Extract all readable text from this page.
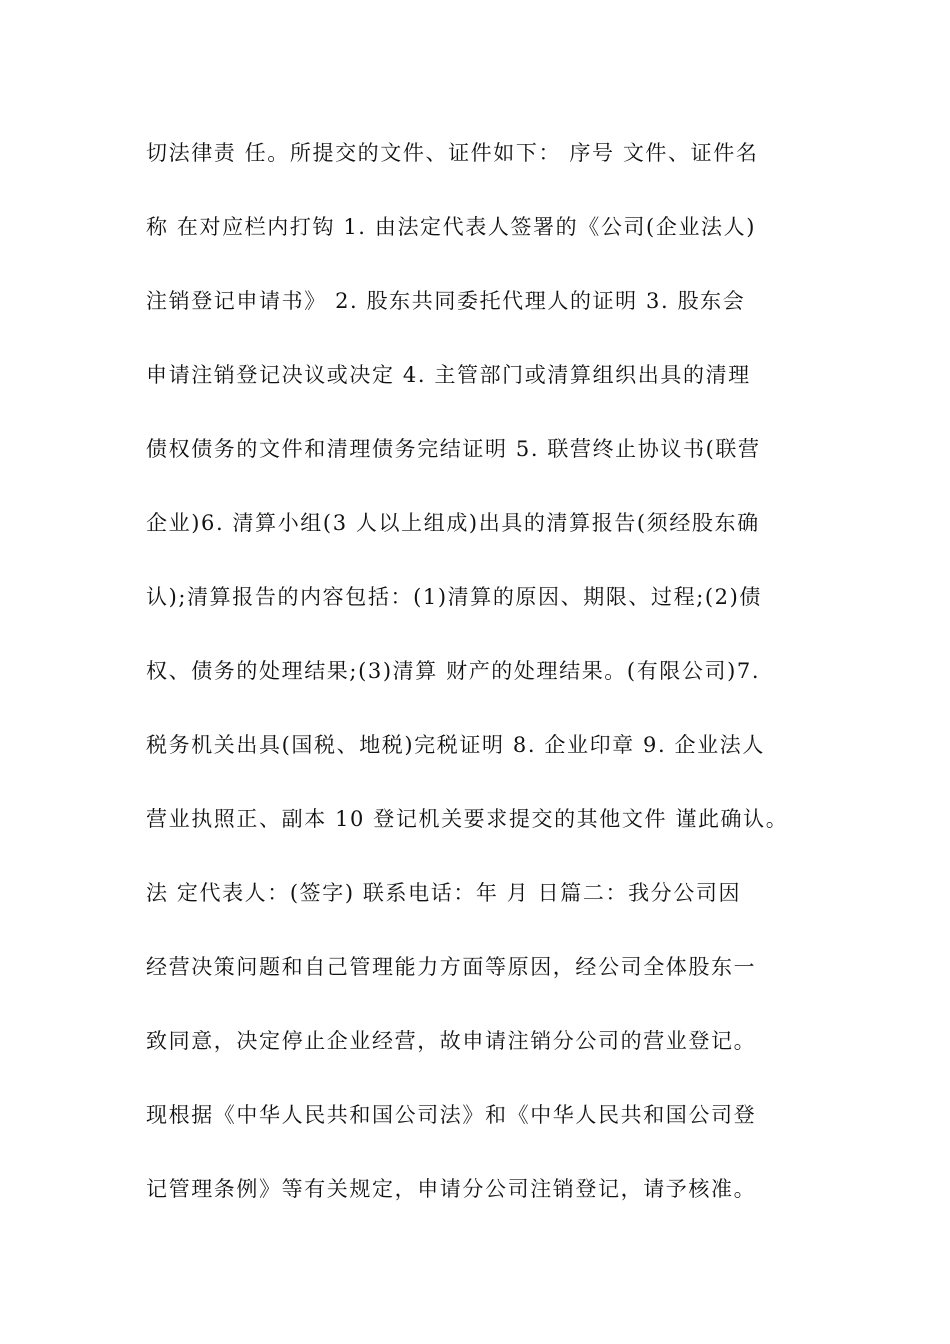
切法律责 任。所提交的文件、证件如下： 序号 文件、证件名
称 在对应栏内打钩 1. 由法定代表人签署的《公司(企业法人)
注销登记申请书》 2. 股东共同委托代理人的证明 3. 股东会
申请注销登记决议或决定 4. 主管部门或清算组织出具的清理
债权债务的文件和清理债务完结证明 5. 联营终止协议书(联营
企业)6. 清算小组(3 人以上组成)出具的清算报告(须经股东确
认);清算报告的内容包括：(1)清算的原因、期限、过程;(2)债
权、债务的处理结果;(3)清算 财产的处理结果。(有限公司)7.
税务机关出具(国税、地税)完税证明 8. 企业印章 9. 企业法人
营业执照正、副本 10 登记机关要求提交的其他文件 谨此确认。
法 定代表人：(签字) 联系电话：年 月 日篇二：我分公司因
经营决策问题和自己管理能力方面等原因，经公司全体股东一
致同意，决定停止企业经营，故申请注销分公司的营业登记。
现根据《中华人民共和国公司法》和《中华人民共和国公司登
记管理条例》等有关规定，申请分公司注销登记，请予核准。
